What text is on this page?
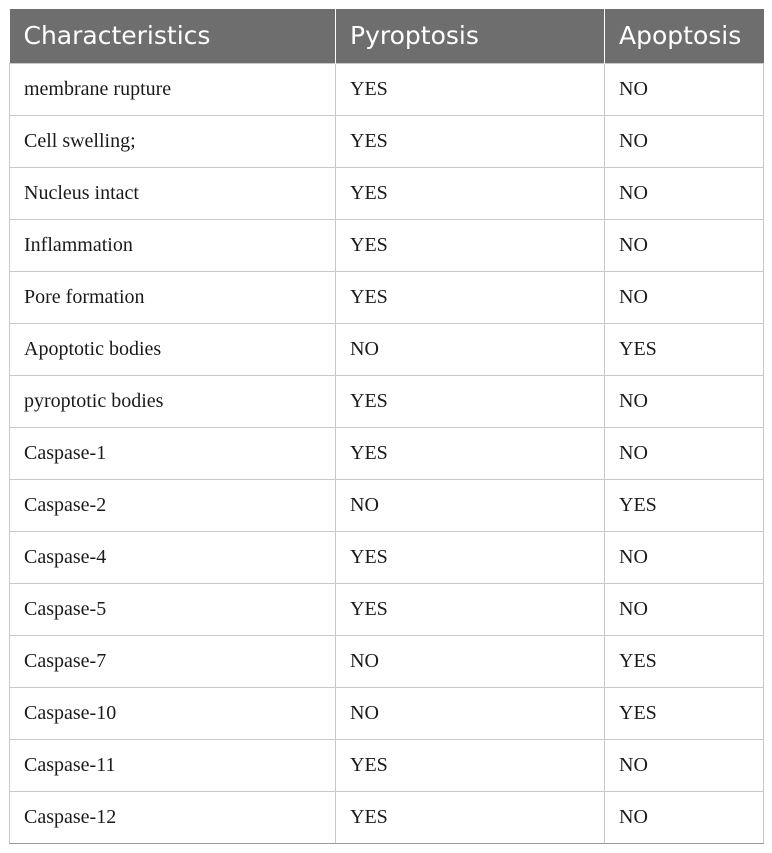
Characteristics	Pyroptosis	Apoptosis
membrane rupture	YES	NO
Cell swelling;	YES	NO
Nucleus intact	YES	NO
Inflammation	YES	NO
Pore formation	YES	NO
Apoptotic bodies	NO	YES
pyroptotic bodies	YES	NO
Caspase-1	YES	NO
Caspase-2	NO	YES
Caspase-4	YES	NO
Caspase-5	YES	NO
Caspase-7	NO	YES
Caspase-10	NO	YES
Caspase-11	YES	NO
Caspase-12	YES	NO
